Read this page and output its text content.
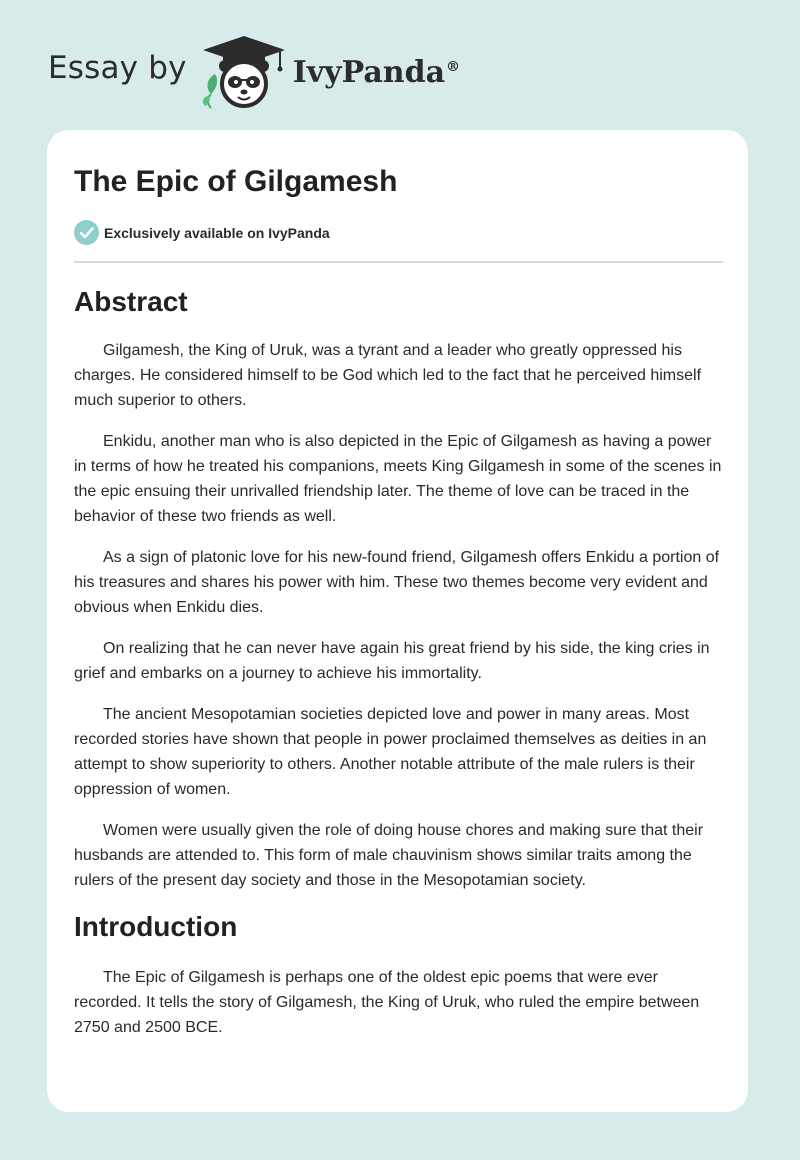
Essay by	IvyPanda®
The Epic of Gilgamesh
Exclusively available on IvyPanda
Abstract

Gilgamesh, the King of Uruk, was a tyrant and a leader who greatly oppressed his charges. He considered himself to be God which led to the fact that he perceived himself much superior to others.

Enkidu, another man who is also depicted in the Epic of Gilgamesh as having a power in terms of how he treated his companions, meets King Gilgamesh in some of the scenes in the epic ensuing their unrivalled friendship later. The theme of love can be traced in the behavior of these two friends as well.

As a sign of platonic love for his new-found friend, Gilgamesh offers Enkidu a portion of his treasures and shares his power with him. These two themes become very evident and obvious when Enkidu dies.

On realizing that he can never have again his great friend by his side, the king cries in grief and embarks on a journey to achieve his immortality.

The ancient Mesopotamian societies depicted love and power in many areas. Most recorded stories have shown that people in power proclaimed themselves as deities in an attempt to show superiority to others. Another notable attribute of the male rulers is their oppression of women.

Women were usually given the role of doing house chores and making sure that their husbands are attended to. This form of male chauvinism shows similar traits among the rulers of the present day society and those in the Mesopotamian society.

Introduction

The Epic of Gilgamesh is perhaps one of the oldest epic poems that were ever recorded. It tells the story of Gilgamesh, the King of Uruk, who ruled the empire between 2750 and 2500 BCE.
